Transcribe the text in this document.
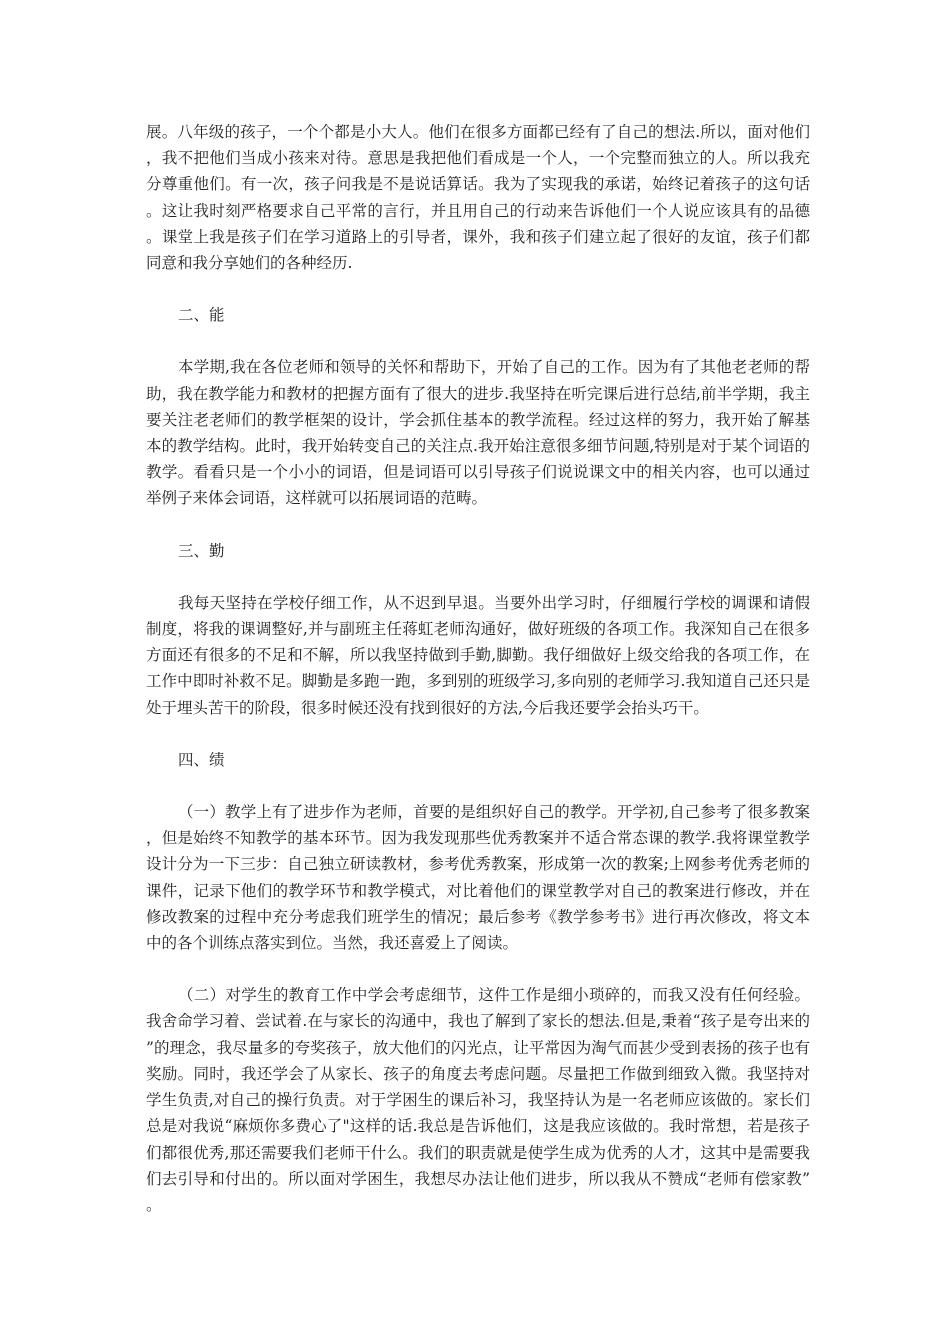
展。八年级的孩子，一个个都是小大人。他们在很多方面都已经有了自己的想法.所以，面对他们，我不把他们当成小孩来对待。意思是我把他们看成是一个人，一个完整而独立的人。所以我充分尊重他们。有一次，孩子问我是不是说话算话。我为了实现我的承诺，始终记着孩子的这句话。这让我时刻严格要求自己平常的言行，并且用自己的行动来告诉他们一个人说应该具有的品德。课堂上我是孩子们在学习道路上的引导者，课外，我和孩子们建立起了很好的友谊，孩子们都同意和我分享她们的各种经历.

二、能

本学期,我在各位老师和领导的关怀和帮助下，开始了自己的工作。因为有了其他老老师的帮助，我在教学能力和教材的把握方面有了很大的进步.我坚持在听完课后进行总结,前半学期，我主要关注老老师们的教学框架的设计，学会抓住基本的教学流程。经过这样的努力，我开始了解基本的教学结构。此时，我开始转变自己的关注点.我开始注意很多细节问题,特别是对于某个词语的教学。看看只是一个小小的词语，但是词语可以引导孩子们说说课文中的相关内容，也可以通过举例子来体会词语，这样就可以拓展词语的范畴。

三、勤

我每天坚持在学校仔细工作，从不迟到早退。当要外出学习时，仔细履行学校的调课和请假制度，将我的课调整好,并与副班主任蒋虹老师沟通好，做好班级的各项工作。我深知自己在很多方面还有很多的不足和不解，所以我坚持做到手勤,脚勤。我仔细做好上级交给我的各项工作，在工作中即时补救不足。脚勤是多跑一跑，多到别的班级学习,多向别的老师学习.我知道自己还只是处于埋头苦干的阶段，很多时候还没有找到很好的方法,今后我还要学会抬头巧干。

四、绩

（一）教学上有了进步作为老师，首要的是组织好自己的教学。开学初,自己参考了很多教案，但是始终不知教学的基本环节。因为我发现那些优秀教案并不适合常态课的教学.我将课堂教学设计分为一下三步：自己独立研读教材，参考优秀教案，形成第一次的教案;上网参考优秀老师的课件，记录下他们的教学环节和教学模式，对比着他们的课堂教学对自己的教案进行修改，并在修改教案的过程中充分考虑我们班学生的情况；最后参考《教学参考书》进行再次修改，将文本中的各个训练点落实到位。当然，我还喜爱上了阅读。

（二）对学生的教育工作中学会考虑细节，这件工作是细小琐碎的，而我又没有任何经验。我舍命学习着、尝试着.在与家长的沟通中，我也了解到了家长的想法.但是,秉着“孩子是夸出来的”的理念，我尽量多的夸奖孩子，放大他们的闪光点，让平常因为淘气而甚少受到表扬的孩子也有奖励。同时，我还学会了从家长、孩子的角度去考虑问题。尽量把工作做到细致入微。我坚持对学生负责,对自己的操行负责。对于学困生的课后补习，我坚持认为是一名老师应该做的。家长们总是对我说“麻烦你多费心了"这样的话.我总是告诉他们，这是我应该做的。我时常想，若是孩子们都很优秀,那还需要我们老师干什么。我们的职责就是使学生成为优秀的人才，这其中是需要我们去引导和付出的。所以面对学困生，我想尽办法让他们进步，所以我从不赞成“老师有偿家教”。
